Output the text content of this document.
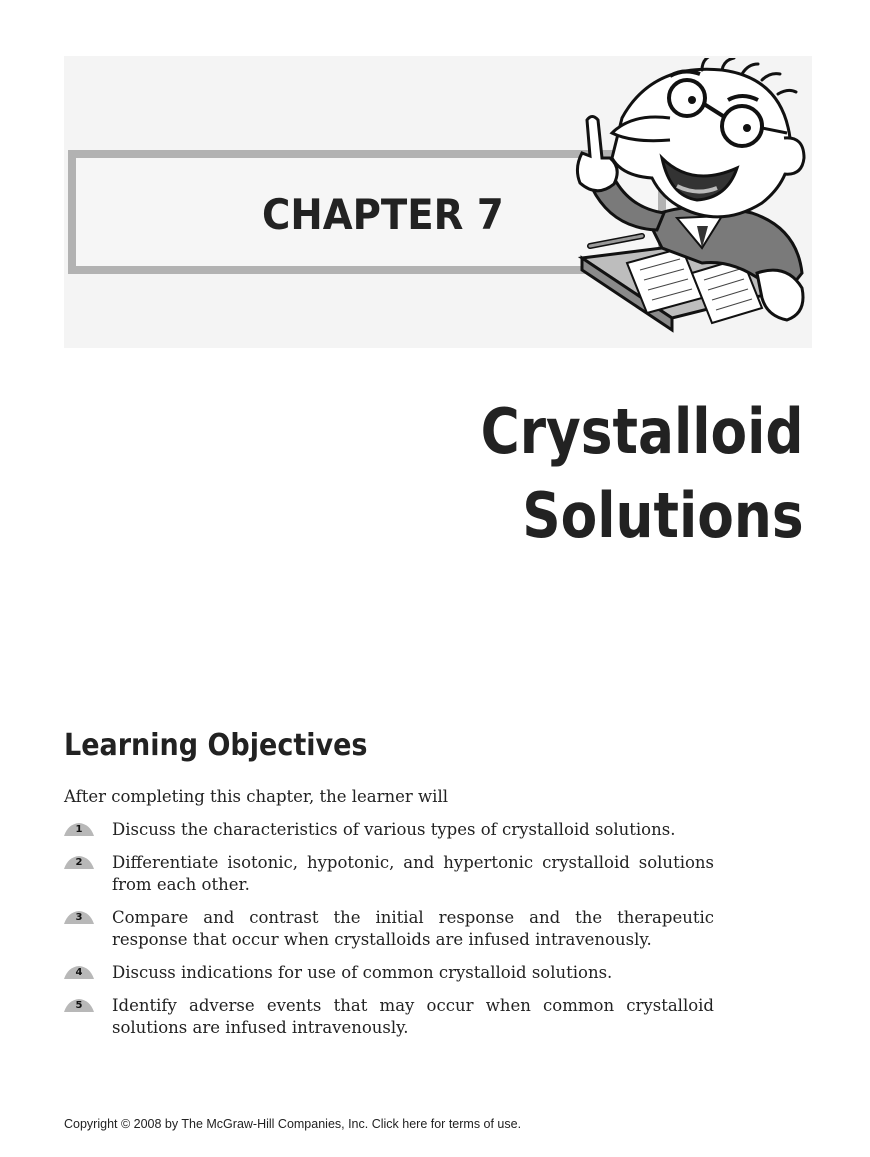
CHAPTER 7
Crystalloid
Solutions
Learning Objectives
After completing this chapter, the learner will
1	Discuss the characteristics of various types of crystalloid solutions.
2	Differentiate isotonic, hypotonic, and hypertonic crystalloid solutions from each other.
3	Compare and contrast the initial response and the therapeutic response that occur when crystalloids are infused intravenously.
4	Discuss indications for use of common crystalloid solutions.
5	Identify adverse events that may occur when common crystalloid solutions are infused intravenously.
Copyright © 2008 by The McGraw-Hill Companies, Inc. Click here for terms of use.
